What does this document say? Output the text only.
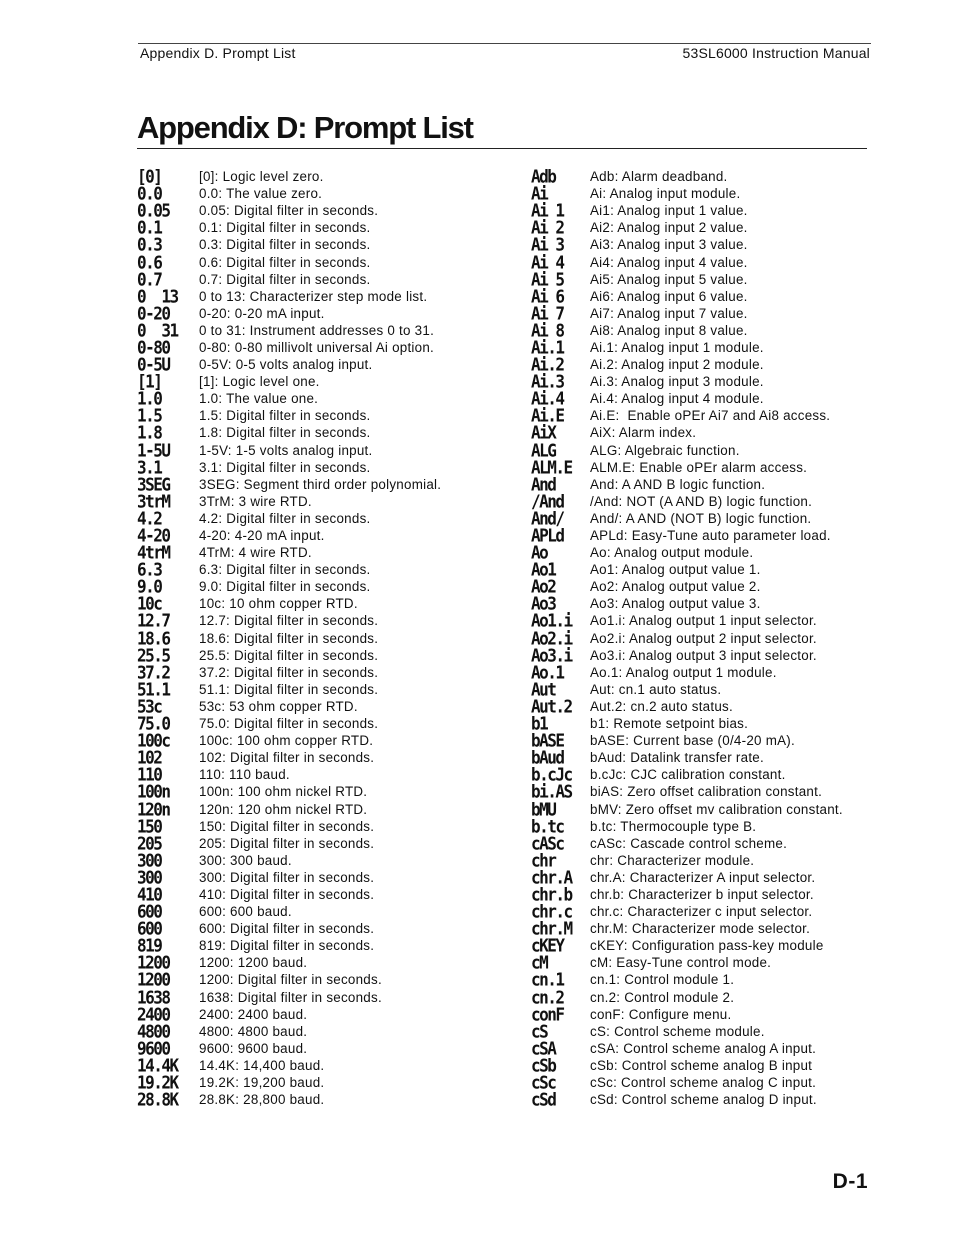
Appendix D. Prompt List	53SL6000 Instruction Manual
Appendix D: Prompt List
[0]	[0]: Logic level zero.
0.0	0.0: The value zero.
0.05	0.05: Digital filter in seconds.
0.1	0.1: Digital filter in seconds.
0.3	0.3: Digital filter in seconds.
0.6	0.6: Digital filter in seconds.
0.7	0.7: Digital filter in seconds.
0  13	0 to 13: Characterizer step mode list.
0-20	0-20: 0-20 mA input.
0  31	0 to 31: Instrument addresses 0 to 31.
0-80	0-80: 0-80 millivolt universal Ai option.
0-5U	0-5V: 0-5 volts analog input.
[1]	[1]: Logic level one.
1.0	1.0: The value one.
1.5	1.5: Digital filter in seconds.
1.8	1.8: Digital filter in seconds.
1-5U	1-5V: 1-5 volts analog input.
3.1	3.1: Digital filter in seconds.
3SEG	3SEG: Segment third order polynomial.
3trM	3TrM: 3 wire RTD.
4.2	4.2: Digital filter in seconds.
4-20	4-20: 4-20 mA input.
4trM	4TrM: 4 wire RTD.
6.3	6.3: Digital filter in seconds.
9.0	9.0: Digital filter in seconds.
10c	10c: 10 ohm copper RTD.
12.7	12.7: Digital filter in seconds.
18.6	18.6: Digital filter in seconds.
25.5	25.5: Digital filter in seconds.
37.2	37.2: Digital filter in seconds.
51.1	51.1: Digital filter in seconds.
53c	53c: 53 ohm copper RTD.
75.0	75.0: Digital filter in seconds.
100c	100c: 100 ohm copper RTD.
102	102: Digital filter in seconds.
110	110: 110 baud.
100n	100n: 100 ohm nickel RTD.
120n	120n: 120 ohm nickel RTD.
150	150: Digital filter in seconds.
205	205: Digital filter in seconds.
300	300: 300 baud.
300	300: Digital filter in seconds.
410	410: Digital filter in seconds.
600	600: 600 baud.
600	600: Digital filter in seconds.
819	819: Digital filter in seconds.
1200	1200: 1200 baud.
1200	1200: Digital filter in seconds.
1638	1638: Digital filter in seconds.
2400	2400: 2400 baud.
4800	4800: 4800 baud.
9600	9600: 9600 baud.
14.4K	14.4K: 14,400 baud.
19.2K	19.2K: 19,200 baud.
28.8K	28.8K: 28,800 baud.
Adb	Adb: Alarm deadband.
Ai	Ai: Analog input module.
Ai 1	Ai1: Analog input 1 value.
Ai 2	Ai2: Analog input 2 value.
Ai 3	Ai3: Analog input 3 value.
Ai 4	Ai4: Analog input 4 value.
Ai 5	Ai5: Analog input 5 value.
Ai 6	Ai6: Analog input 6 value.
Ai 7	Ai7: Analog input 7 value.
Ai 8	Ai8: Analog input 8 value.
Ai.1	Ai.1: Analog input 1 module.
Ai.2	Ai.2: Analog input 2 module.
Ai.3	Ai.3: Analog input 3 module.
Ai.4	Ai.4: Analog input 4 module.
Ai.E	Ai.E:  Enable oPEr Ai7 and Ai8 access.
AiX	AiX: Alarm index.
ALG	ALG: Algebraic function.
ALM.E	ALM.E: Enable oPEr alarm access.
And	And: A AND B logic function.
/And	/And: NOT (A AND B) logic function.
And/	And/: A AND (NOT B) logic function.
APLd	APLd: Easy-Tune auto parameter load.
Ao	Ao: Analog output module.
Ao1	Ao1: Analog output value 1.
Ao2	Ao2: Analog output value 2.
Ao3	Ao3: Analog output value 3.
Ao1.i	Ao1.i: Analog output 1 input selector.
Ao2.i	Ao2.i: Analog output 2 input selector.
Ao3.i	Ao3.i: Analog output 3 input selector.
Ao.1	Ao.1: Analog output 1 module.
Aut	Aut: cn.1 auto status.
Aut.2	Aut.2: cn.2 auto status.
b1	b1: Remote setpoint bias.
bASE	bASE: Current base (0/4-20 mA).
bAud	bAud: Datalink transfer rate.
b.cJc	b.cJc: CJC calibration constant.
bi.AS	biAS: Zero offset calibration constant.
bMU	bMV: Zero offset mv calibration constant.
b.tc	b.tc: Thermocouple type B.
cASc	cASc: Cascade control scheme.
chr	chr: Characterizer module.
chr.A	chr.A: Characterizer A input selector.
chr.b	chr.b: Characterizer b input selector.
chr.c	chr.c: Characterizer c input selector.
chr.M	chr.M: Characterizer mode selector.
cKEY	cKEY: Configuration pass-key module
cM	cM: Easy-Tune control mode.
cn.1	cn.1: Control module 1.
cn.2	cn.2: Control module 2.
conF	conF: Configure menu.
cS	cS: Control scheme module.
cSA	cSA: Control scheme analog A input.
cSb	cSb: Control scheme analog B input
cSc	cSc: Control scheme analog C input.
cSd	cSd: Control scheme analog D input.
D-1
